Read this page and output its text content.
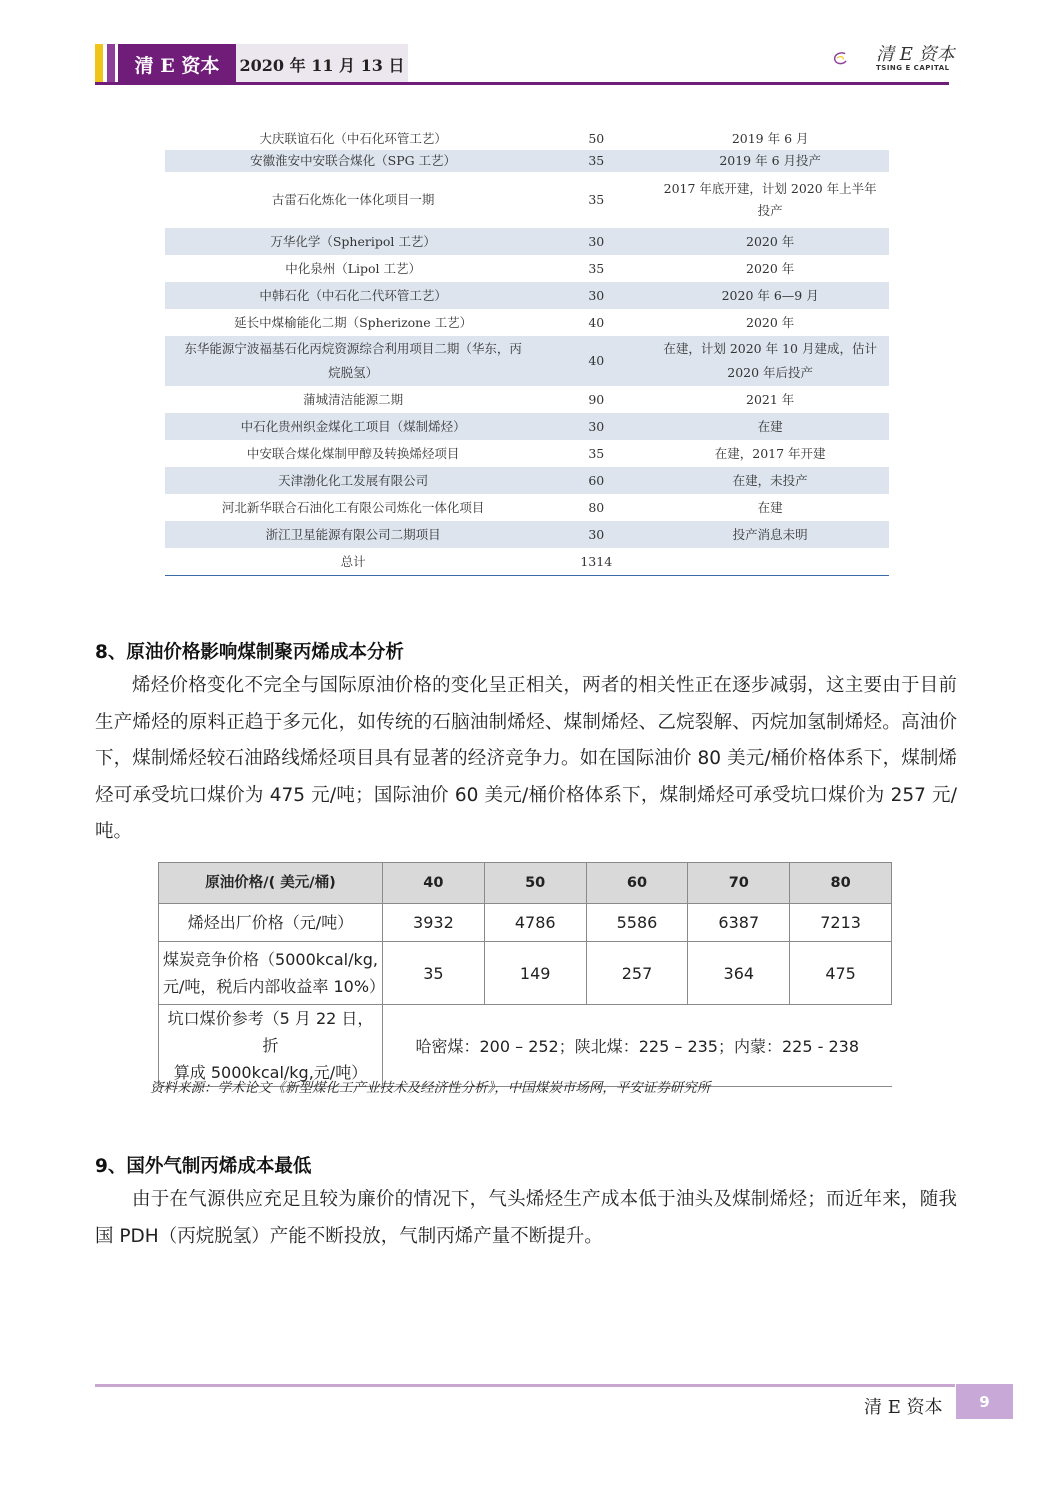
清 E 资本	2020 年 11 月 13 日	清 E 资本
TSING E CAPITAL
大庆联谊石化（中石化环管工艺）	50	2019 年 6 月
安徽淮安中安联合煤化（SPG 工艺）	35	2019 年 6 月投产
古雷石化炼化一体化项目一期	35	2017 年底开建，计划 2020 年上半年投产
万华化学（Spheripol 工艺）	30	2020 年
中化泉州（Lipol 工艺）	35	2020 年
中韩石化（中石化二代环管工艺）	30	2020 年 6—9 月
延长中煤榆能化二期（Spherizone 工艺）	40	2020 年
东华能源宁波福基石化丙烷资源综合利用项目二期（华东，丙烷脱氢）	40	在建，计划 2020 年 10 月建成，估计 2020 年后投产
蒲城清洁能源二期	90	2021 年
中石化贵州织金煤化工项目（煤制烯烃）	30	在建
中安联合煤化煤制甲醇及转换烯烃项目	35	在建，2017 年开建
天津渤化化工发展有限公司	60	在建，未投产
河北新华联合石油化工有限公司炼化一体化项目	80	在建
浙江卫星能源有限公司二期项目	30	投产消息未明
总计	1314	
8、原油价格影响煤制聚丙烯成本分析
烯烃价格变化不完全与国际原油价格的变化呈正相关，两者的相关性正在逐步减弱，这主要由于目前生产烯烃的原料正趋于多元化，如传统的石脑油制烯烃、煤制烯烃、乙烷裂解、丙烷加氢制烯烃。高油价下，煤制烯烃较石油路线烯烃项目具有显著的经济竞争力。如在国际油价 80 美元/桶价格体系下，煤制烯烃可承受坑口煤价为 475 元/吨；国际油价 60 美元/桶价格体系下，煤制烯烃可承受坑口煤价为 257 元/吨。
原油价格/( 美元/桶)	40	50	60	70	80
烯烃出厂价格（元/吨）	3932	4786	5586	6387	7213

煤炭竞争价格（5000kcal/kg,
元/吨，税后内部收益率 10%）	35	149	257	364	475

坑口煤价参考（5 月 22 日，折
算成 5000kcal/kg,元/吨）	哈密煤：200 – 252；陕北煤：225 – 235；内蒙：225 - 238				
资料来源：学术论文《新型煤化工产业技术及经济性分析》，中国煤炭市场网，平安证券研究所
9、国外气制丙烯成本最低
由于在气源供应充足且较为廉价的情况下，气头烯烃生产成本低于油头及煤制烯烃；而近年来，随我国 PDH（丙烷脱氢）产能不断投放，气制丙烯产量不断提升。
清 E 资本	9
